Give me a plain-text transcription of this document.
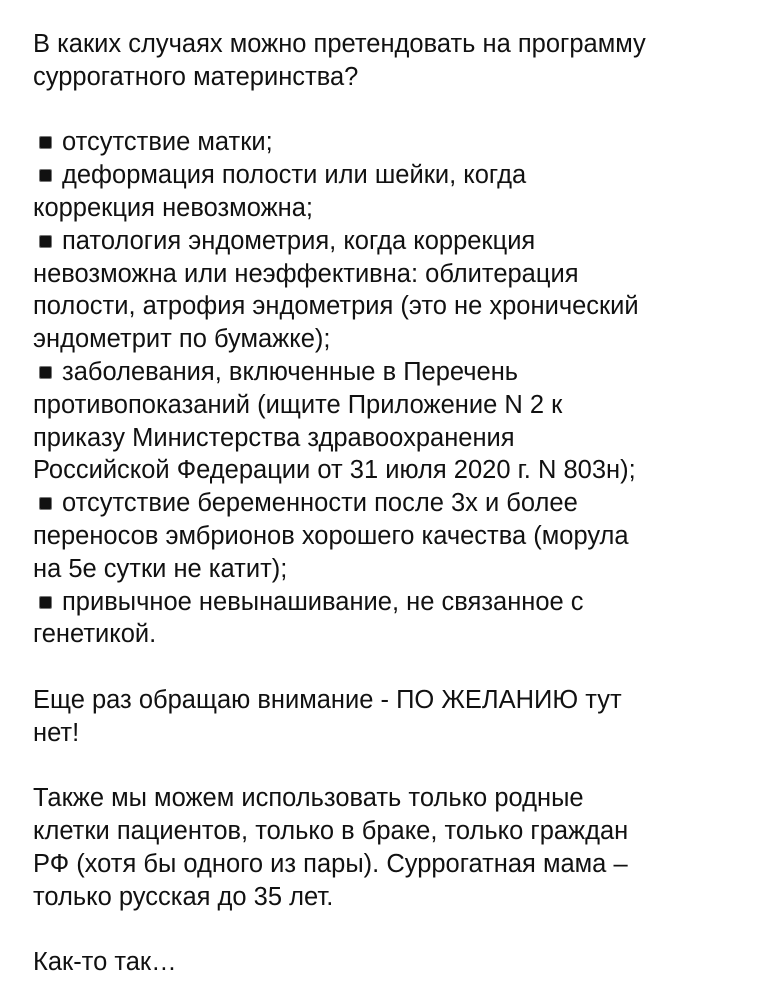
В каких случаях можно претендовать на программу
суррогатного материнства?
отсутствие матки;
деформация полости или шейки, когда
коррекция невозможна;
патология эндометрия, когда коррекция
невозможна или неэффективна: облитерация
полости, атрофия эндометрия (это не хронический
эндометрит по бумажке);
заболевания, включенные в Перечень
противопоказаний (ищите Приложение N 2 к
приказу Министерства здравоохранения
Российской Федерации от 31 июля 2020 г. N 803н);
отсутствие беременности после 3х и более
переносов эмбрионов хорошего качества (морула
на 5е сутки не катит);
привычное невынашивание, не связанное с
генетикой.
Еще раз обращаю внимание - ПО ЖЕЛАНИЮ тут
нет!
Также мы можем использовать только родные
клетки пациентов, только в браке, только граждан
РФ (хотя бы одного из пары). Суррогатная мама –
только русская до 35 лет.
Как-то так…
